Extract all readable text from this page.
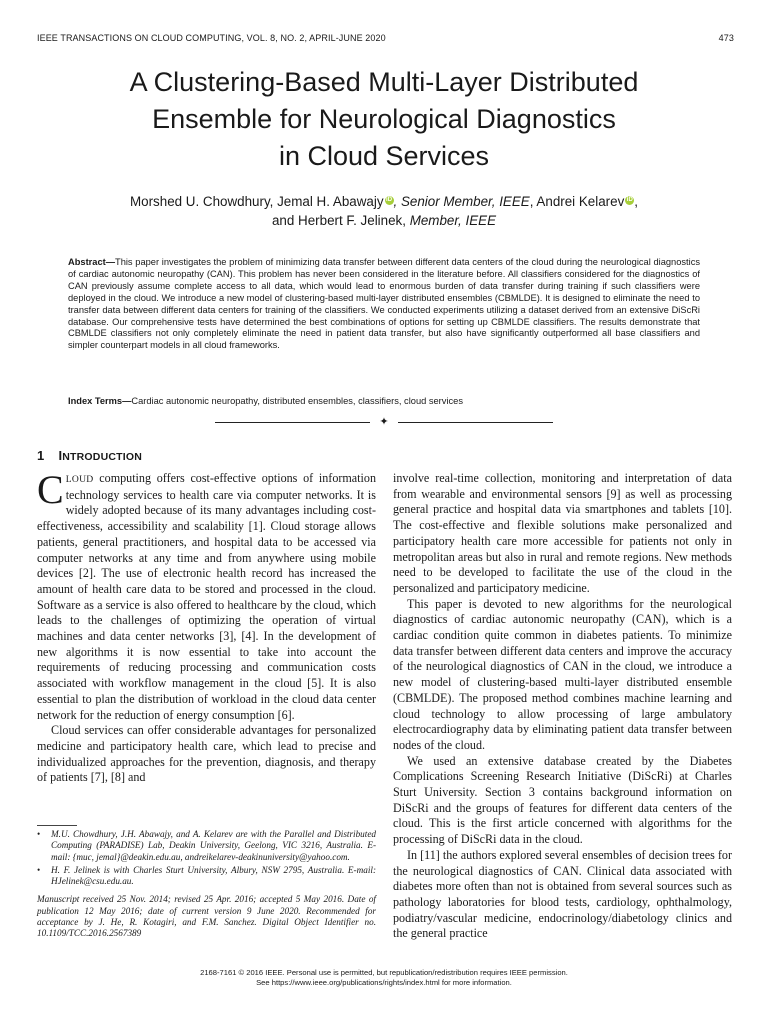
IEEE TRANSACTIONS ON CLOUD COMPUTING, VOL. 8, NO. 2, APRIL-JUNE 2020	473
A Clustering-Based Multi-Layer Distributed
Ensemble for Neurological Diagnostics
in Cloud Services
Morshed U. Chowdhury, Jemal H. Abawajy iD , Senior Member, IEEE, Andrei Kelarev iD ,
and Herbert F. Jelinek, Member, IEEE

Abstract—This paper investigates the problem of minimizing data transfer between different data centers of the cloud during the neurological diagnostics of cardiac autonomic neuropathy (CAN). This problem has never been considered in the literature before. All classifiers considered for the diagnostics of CAN previously assume complete access to all data, which would lead to enormous burden of data transfer during training if such classifiers were deployed in the cloud. We introduce a new model of clustering-based multi-layer distributed ensembles (CBMLDE). It is designed to eliminate the need to transfer data between different data centers for training of the classifiers. We conducted experiments utilizing a dataset derived from an extensive DiScRi database. Our comprehensive tests have determined the best combinations of options for setting up CBMLDE classifiers. The results demonstrate that CBMLDE classifiers not only completely eliminate the need in patient data transfer, but also have significantly outperformed all base classifiers and simpler counterpart models in all cloud frameworks.

Index Terms—Cardiac autonomic neuropathy, distributed ensembles, classifiers, cloud services

✦
1 INTRODUCTION

CLOUD computing offers cost-effective options of information technology services to health care via computer networks. It is widely adopted because of its many advantages including cost-effectiveness, accessibility and scalability [1]. Cloud storage allows patients, general practitioners, and hospital data to be accessed via computer networks at any time and from anywhere using mobile devices [2]. The use of electronic health record has increased the amount of health care data to be stored and processed in the cloud. Software as a service is also offered to healthcare by the cloud, which leads to the challenges of optimizing the operation of virtual machines and data center networks [3], [4]. In the development of new algorithms it is now essential to take into account the requirements of reducing processing and communication costs associated with workflow management in the cloud [5]. It is also essential to plan the distribution of workload in the cloud data center network for the reduction of energy consumption [6].

Cloud services can offer considerable advantages for personalized medicine and participatory health care, which lead to precise and individualized approaches for the prevention, diagnosis, and therapy of patients [7], [8] and

• M.U. Chowdhury, J.H. Abawajy, and A. Kelarev are with the Parallel and Distributed Computing (PARADISE) Lab, Deakin University, Geelong, VIC 3216, Australia. E-mail: {muc, jemal}@deakin.edu.au, andreikelarev-deakinuniversity@yahoo.com.
• H. F. Jelinek is with Charles Sturt University, Albury, NSW 2795, Australia. E-mail: HJelinek@csu.edu.au.
Manuscript received 25 Nov. 2014; revised 25 Apr. 2016; accepted 5 May 2016. Date of publication 12 May 2016; date of current version 9 June 2020. Recommended for acceptance by J. He, R. Kotagiri, and F.M. Sanchez. Digital Object Identifier no. 10.1109/TCC.2016.2567389

involve real-time collection, monitoring and interpretation of data from wearable and environmental sensors [9] as well as processing general practice and hospital data via smartphones and tablets [10]. The cost-effective and flexible solutions make personalized and participatory health care more accessible for patients not only in metropolitan areas but also in rural and remote regions. New methods need to be developed to facilitate the use of the cloud in the personalized and participatory medicine.

This paper is devoted to new algorithms for the neurological diagnostics of cardiac autonomic neuropathy (CAN), which is a cardiac condition quite common in diabetes patients. To minimize data transfer between different data centers and improve the accuracy of the neurological diagnostics of CAN in the cloud, we introduce a new model of clustering-based multi-layer distributed ensemble (CBMLDE). The proposed method combines machine learning and cloud technology to allow processing of large ambulatory electrocardiography data by eliminating patient data transfer between nodes of the cloud.

We used an extensive database created by the Diabetes Complications Screening Research Initiative (DiScRi) at Charles Sturt University. Section 3 contains background information on DiScRi and the groups of features for different data centers of the cloud. This is the first article concerned with algorithms for the processing of DiScRi data in the cloud.

In [11] the authors explored several ensembles of decision trees for the neurological diagnostics of CAN. Clinical data associated with diabetes more often than not is obtained from several sources such as pathology laboratories for blood tests, cardiology, ophthalmology, podiatry/vascular medicine, endocrinology/diabetology clinics and the general practice

2168-7161 © 2016 IEEE. Personal use is permitted, but republication/redistribution requires IEEE permission.
See https://www.ieee.org/publications/rights/index.html for more information.
